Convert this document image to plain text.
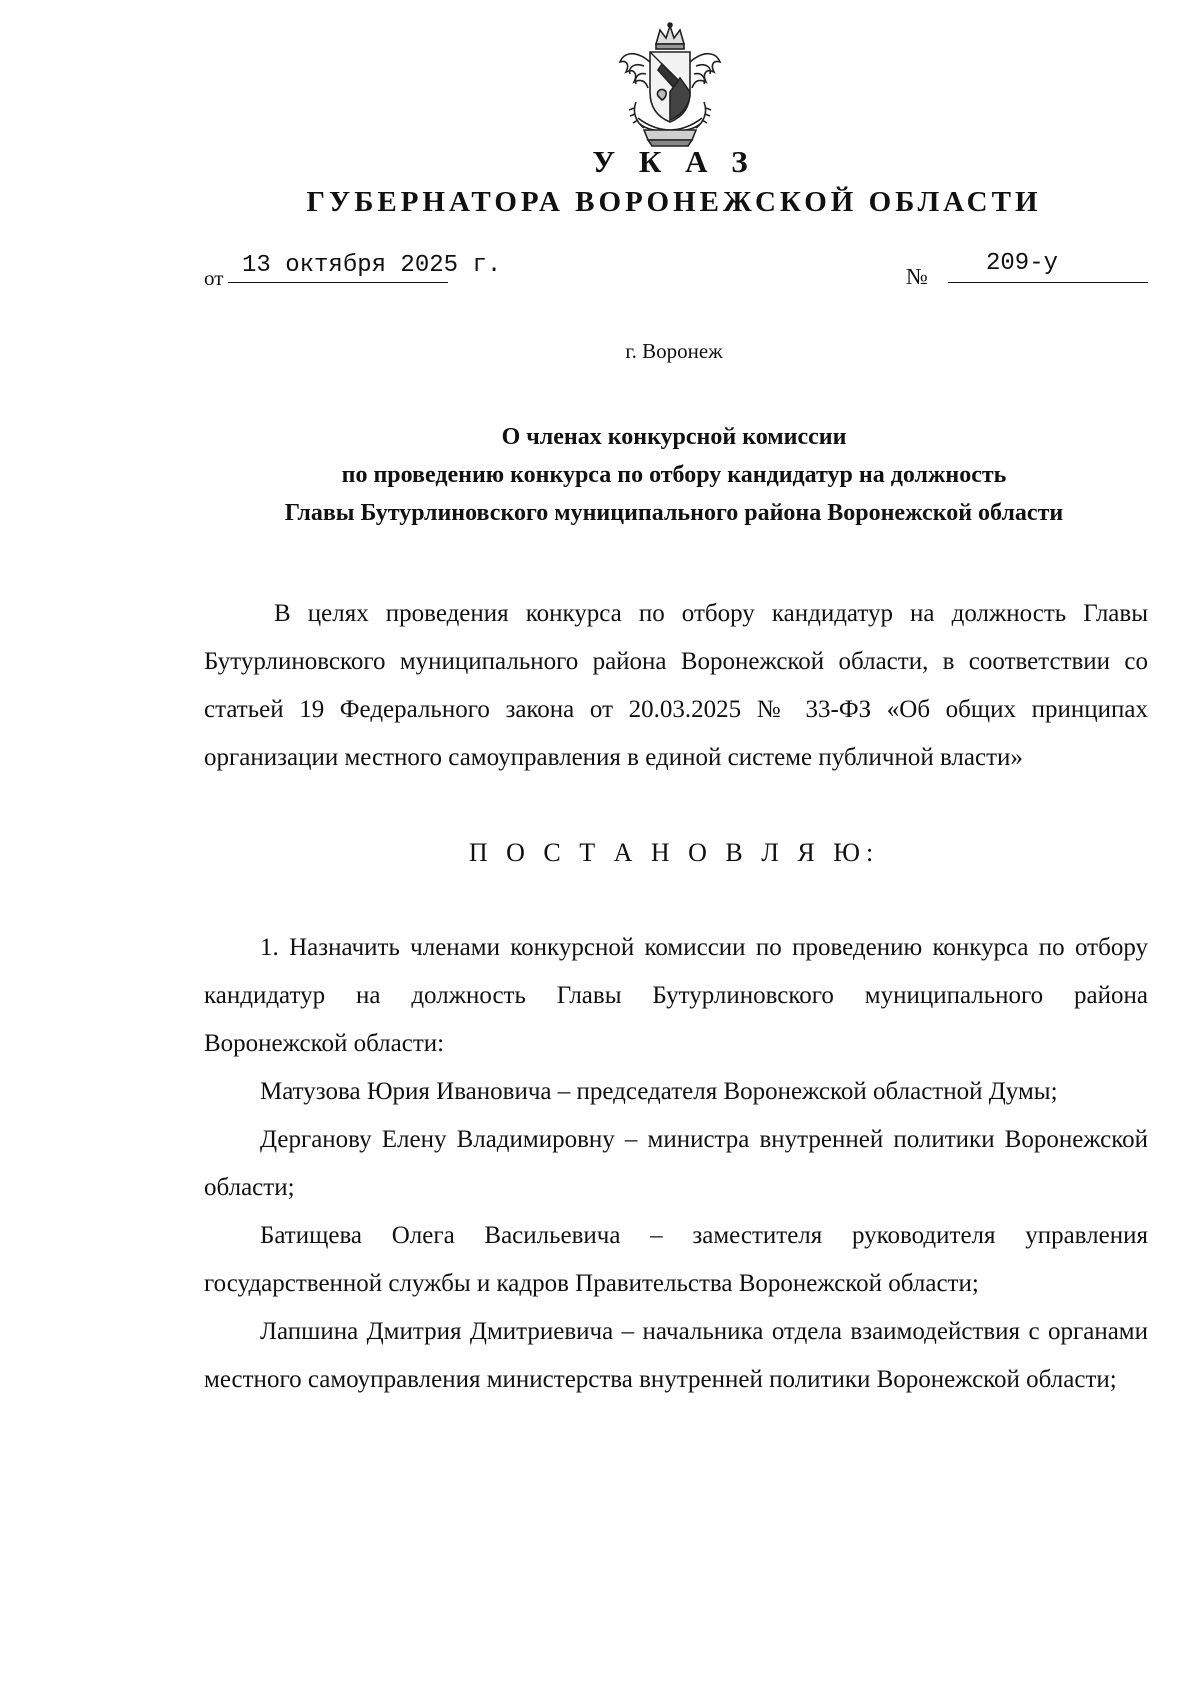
У К А З
ГУБЕРНАТОРА ВОРОНЕЖСКОЙ ОБЛАСТИ
от 13 октября 2025 г.	№ 209-у
г. Воронеж
О членах конкурсной комиссии
по проведению конкурса по отбору кандидатур на должность
Главы Бутурлиновского муниципального района Воронежской области

В целях проведения конкурса по отбору кандидатур на должность Главы Бутурлиновского муниципального района Воронежской области, в соответствии со статьей 19 Федерального закона от 20.03.2025 № 33-ФЗ «Об общих принципах организации местного самоуправления в единой системе публичной власти»

П О С Т А Н О В Л Я Ю:

1. Назначить членами конкурсной комиссии по проведению конкурса по отбору кандидатур на должность Главы Бутурлиновского муниципального района Воронежской области:

Матузова Юрия Ивановича – председателя Воронежской областной Думы;

Дерганову Елену Владимировну – министра внутренней политики Воронежской области;

Батищева Олега Васильевича – заместителя руководителя управления государственной службы и кадров Правительства Воронежской области;

Лапшина Дмитрия Дмитриевича – начальника отдела взаимодействия с органами местного самоуправления министерства внутренней политики Воронежской области;
